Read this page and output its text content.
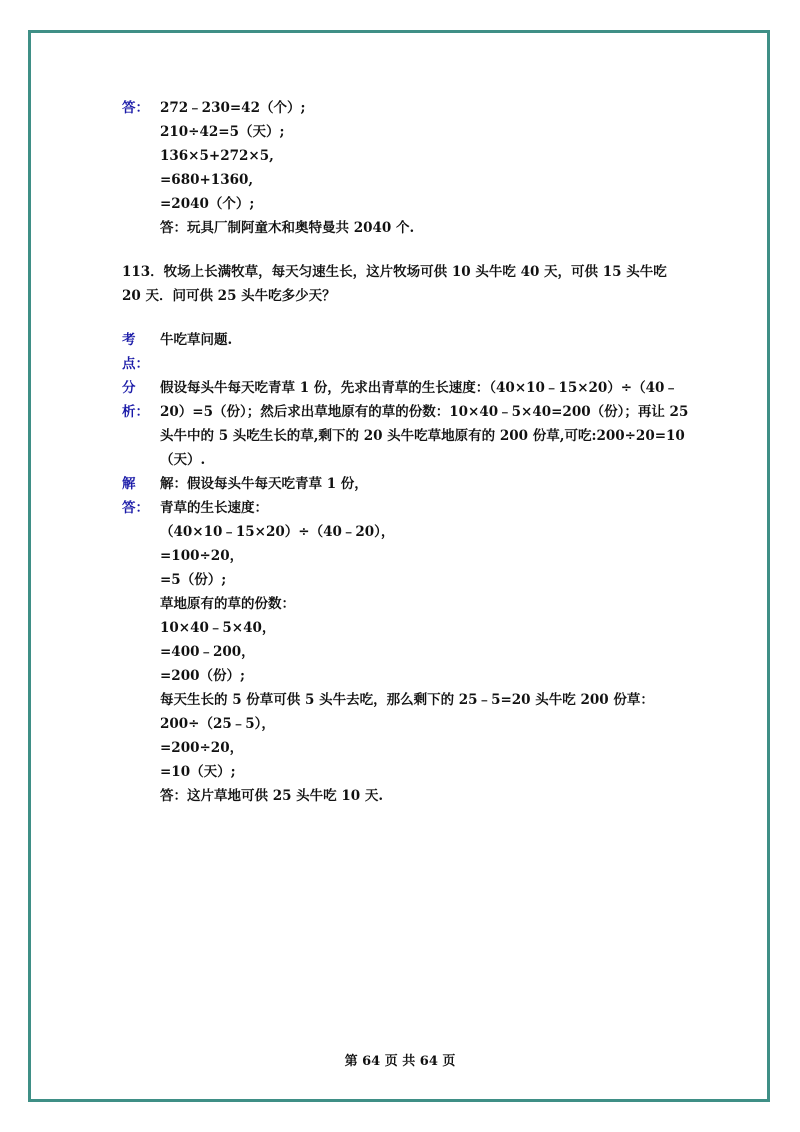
答： 272﹣230=42（个）;
210÷42=5（天）;
136×5+272×5,
=680+1360,
=2040（个）;
答：玩具厂制阿童木和奥特曼共 2040 个.
113．牧场上长满牧草，每天匀速生长，这片牧场可供 10 头牛吃 40 天，可供 15 头牛吃
20 天．问可供 25 头牛吃多少天？
考
点：
牛吃草问题.
分
析：
假设每头牛每天吃青草 1 份，先求出青草的生长速度：（40×10﹣15×20）÷（40﹣
20）=5（份）；然后求出草地原有的草的份数：10×40﹣5×40=200（份）；再让 25
头牛中的 5 头吃生长的草,剩下的 20 头牛吃草地原有的 200 份草,可吃:200÷20=10
（天）.
解
答：
解：假设每头牛每天吃青草 1 份，
青草的生长速度：
（40×10﹣15×20）÷（40﹣20），
=100÷20，
=5（份）;
草地原有的草的份数：
10×40﹣5×40，
=400﹣200，
=200（份）;
每天生长的 5 份草可供 5 头牛去吃，那么剩下的 25﹣5=20 头牛吃 200 份草：
200÷（25﹣5），
=200÷20，
=10（天）;
答：这片草地可供 25 头牛吃 10 天.
第 64 页 共 64 页
